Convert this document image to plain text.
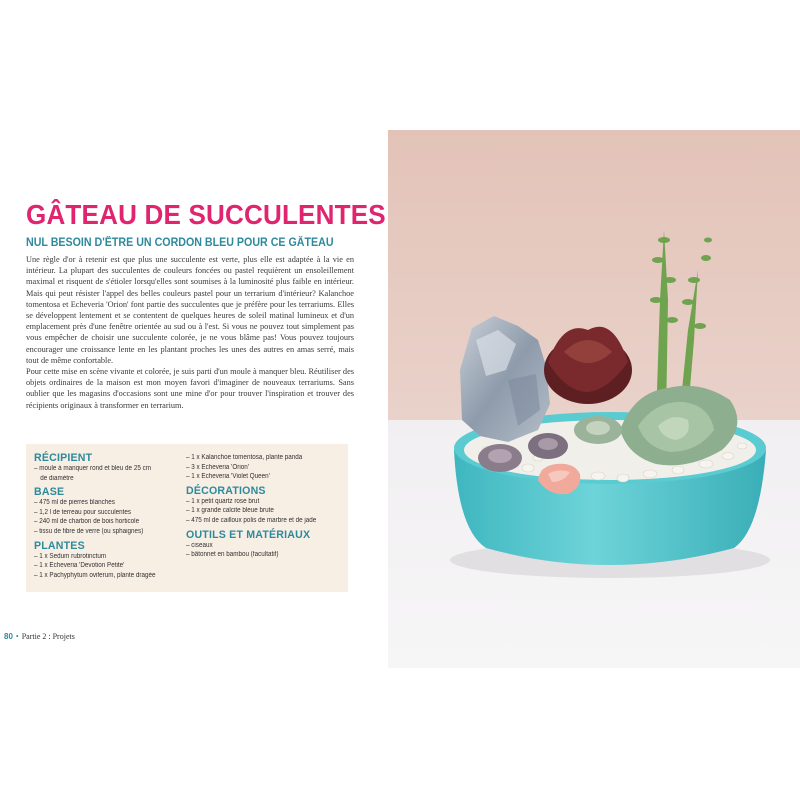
GÂTEAU DE SUCCULENTES
NUL BESOIN D'ÊTRE UN CORDON BLEU POUR CE GÂTEAU

Une règle d'or à retenir est que plus une succulente est verte, plus elle est adaptée à la vie en intérieur. La plupart des succulentes de couleurs foncées ou pastel requièrent un ensoleillement maximal et risquent de s'étioler lorsqu'elles sont soumises à la luminosité plus faible en intérieur. Mais qui peut résister l'appel des belles couleurs pastel pour un terrarium d'intérieur? Kalanchoe tomentosa et Echeveria 'Orion' font partie des succulentes que je préfère pour les terrariums. Elles se développent lentement et se contentent de quelques heures de soleil matinal lumineux et d'un emplacement près d'une fenêtre orientée au sud ou à l'est. Si vous ne pouvez tout simplement pas vous empêcher de choisir une succulente colorée, je ne vous blâme pas! Vous pouvez toujours encourager une croissance lente en les plantant proches les unes des autres en amas serré, mais tout de même confortable.

Pour cette mise en scène vivante et colorée, je suis parti d'un moule à manquer bleu. Réutiliser des objets ordinaires de la maison est mon moyen favori d'imaginer de nouveaux terrariums. Sans oublier que les magasins d'occasions sont une mine d'or pour trouver l'inspiration et trouver des récipients originaux à transformer en terrarium.

RÉCIPIENT
– moule à manquer rond et bleu de 25 cm
de diamètre
BASE
– 475 ml de pierres blanches
– 1,2 l de terreau pour succulentes
– 240 ml de charbon de bois horticole
– tissu de fibre de verre (ou sphaignes)
PLANTES
– 1 x Sedum rubrotinctum
– 1 x Echeveria 'Devotion Petite'
– 1 x Pachyphytum oviferum, plante dragée
– 1 x Kalanchoe tomentosa, plante panda
– 3 x Echeveria 'Orion'
– 1 x Echeveria 'Violet Queen'
DÉCORATIONS
– 1 x petit quartz rose brut
– 1 x grande calcite bleue brute
– 475 ml de cailloux polis de marbre et de jade
OUTILS ET MATÉRIAUX
– ciseaux
– bâtonnet en bambou (facultatif)
80 • Partie 2 : Projets
